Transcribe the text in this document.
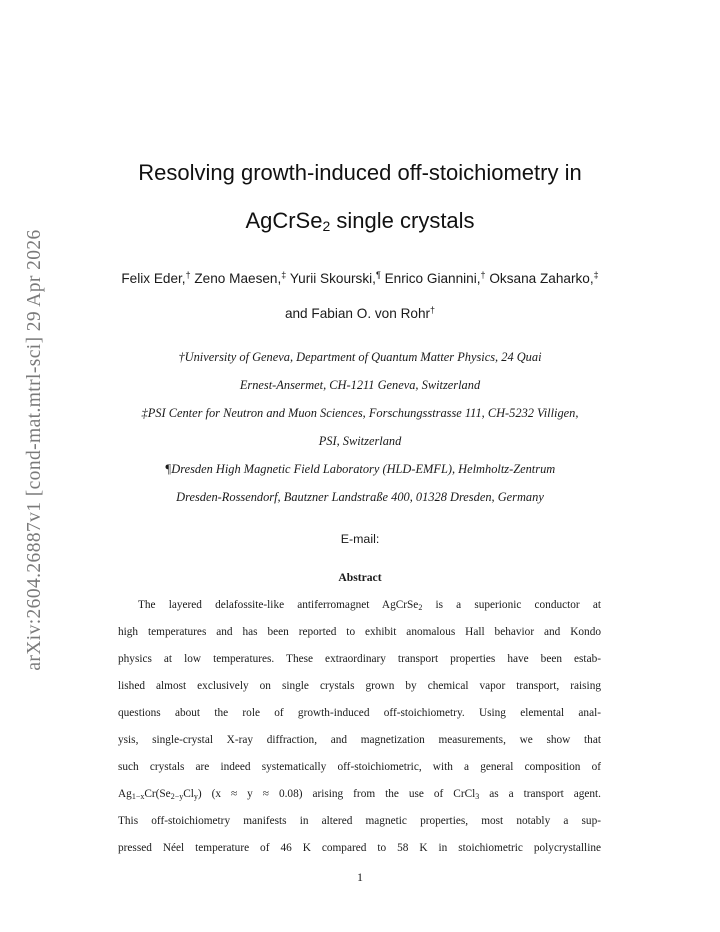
arXiv:2604.26887v1 [cond-mat.mtrl-sci] 29 Apr 2026
Resolving growth-induced off-stoichiometry in
AgCrSe$_2$ single crystals
Felix Eder,† Zeno Maesen,‡ Yurii Skourski,¶ Enrico Giannini,† Oksana Zaharko,‡
and Fabian O. von Rohr†
†University of Geneva, Department of Quantum Matter Physics, 24 Quai
Ernest-Ansermet, CH-1211 Geneva, Switzerland
‡PSI Center for Neutron and Muon Sciences, Forschungsstrasse 111, CH-5232 Villigen,
PSI, Switzerland
¶Dresden High Magnetic Field Laboratory (HLD-EMFL), Helmholtz-Zentrum
Dresden-Rossendorf, Bautzner Landstraße 400, 01328 Dresden, Germany
E-mail:
Abstract
The layered delafossite-like antiferromagnet AgCrSe$_2$ is a superionic conductor at
high temperatures and has been reported to exhibit anomalous Hall behavior and Kondo
physics at low temperatures. These extraordinary transport properties have been estab-
lished almost exclusively on single crystals grown by chemical vapor transport, raising
questions about the role of growth-induced off-stoichiometry. Using elemental anal-
ysis, single-crystal X-ray diffraction, and magnetization measurements, we show that
such crystals are indeed systematically off-stoichiometric, with a general composition of
$Ag_{1-x}Cr(Se_{2-y}Cl_y) (x \approx y \approx 0.08)$ arising from the use of CrCl$_3$ as a transport agent.
This off-stoichiometry manifests in altered magnetic properties, most notably a sup-
pressed Néel temperature of 46 K compared to 58 K in stoichiometric polycrystalline
1
